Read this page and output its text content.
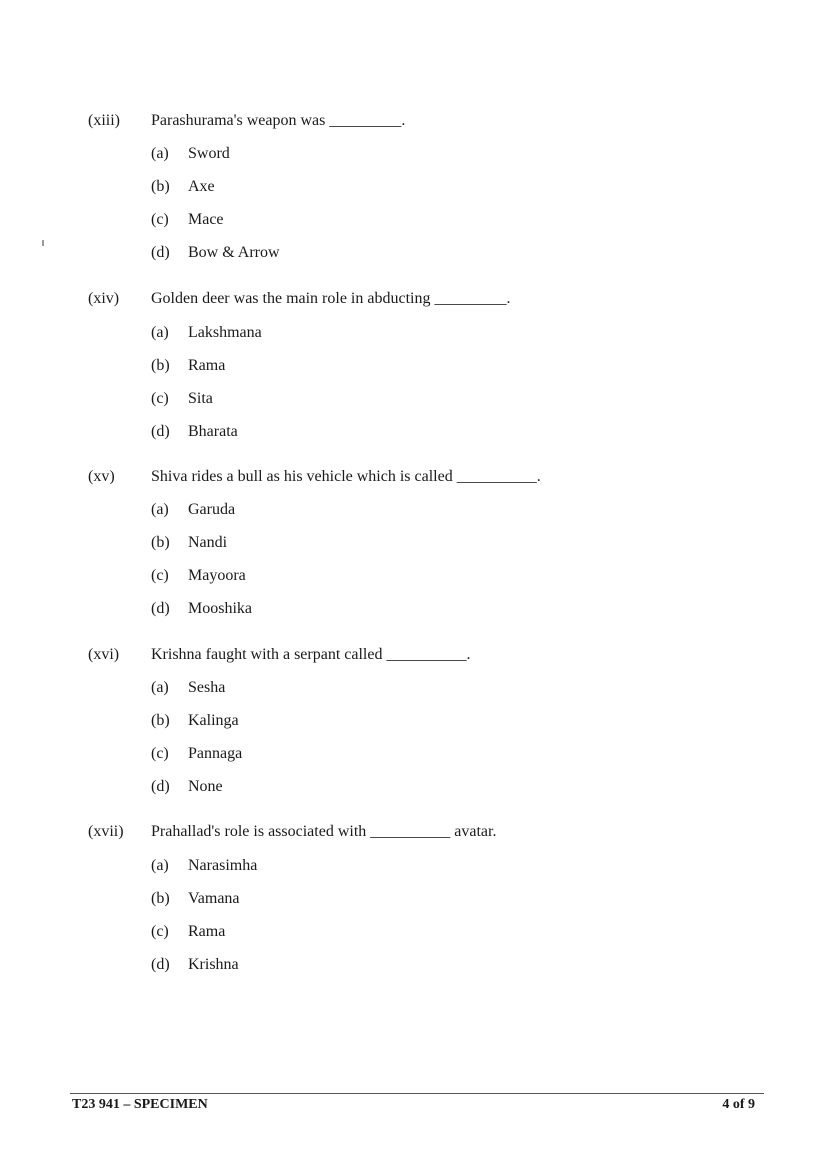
(xiii) Parashurama's weapon was _________.
(a) Sword
(b) Axe
(c) Mace
(d) Bow & Arrow
(xiv) Golden deer was the main role in abducting _________.
(a) Lakshmana
(b) Rama
(c) Sita
(d) Bharata
(xv) Shiva rides a bull as his vehicle which is called __________.
(a) Garuda
(b) Nandi
(c) Mayoora
(d) Mooshika
(xvi) Krishna faught with a serpant called __________.
(a) Sesha
(b) Kalinga
(c) Pannaga
(d) None
(xvii) Prahallad's role is associated with __________ avatar.
(a) Narasimha
(b) Vamana
(c) Rama
(d) Krishna
T23 941 – SPECIMEN	4 of 9
